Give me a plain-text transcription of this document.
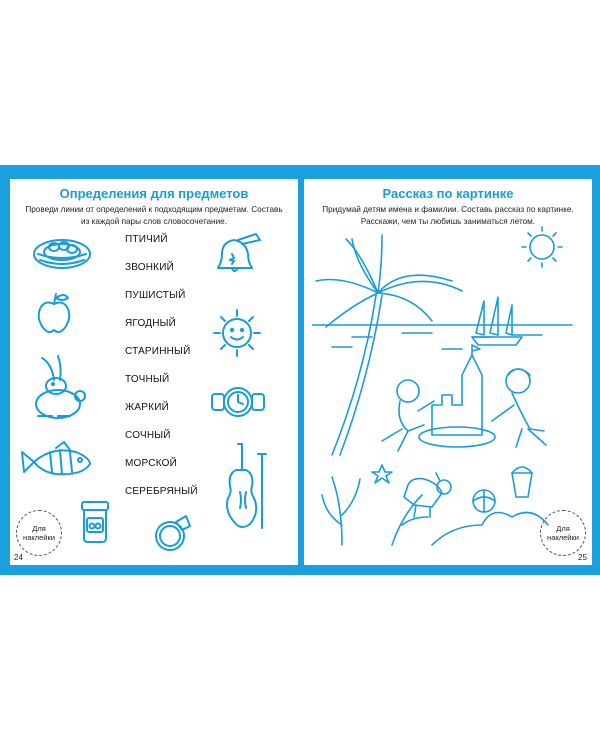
Определения для предметов
Проведи линии от определений к подходящим предметам. Составь
из каждой пары слов словосочетание.
ПТИЧИЙ
ЗВОНКИЙ
ПУШИСТЫЙ
ЯГОДНЫЙ
СТАРИННЫЙ
ТОЧНЫЙ
ЖАРКИЙ
СОЧНЫЙ
МОРСКОЙ
СЕРЕБРЯНЫЙ
Для
наклейки
24
Рассказ по картинке
Придумай детям имена и фамилии. Составь рассказ по картинке.
Расскажи, чем ты любишь заниматься летом.
Для
наклейки
25
